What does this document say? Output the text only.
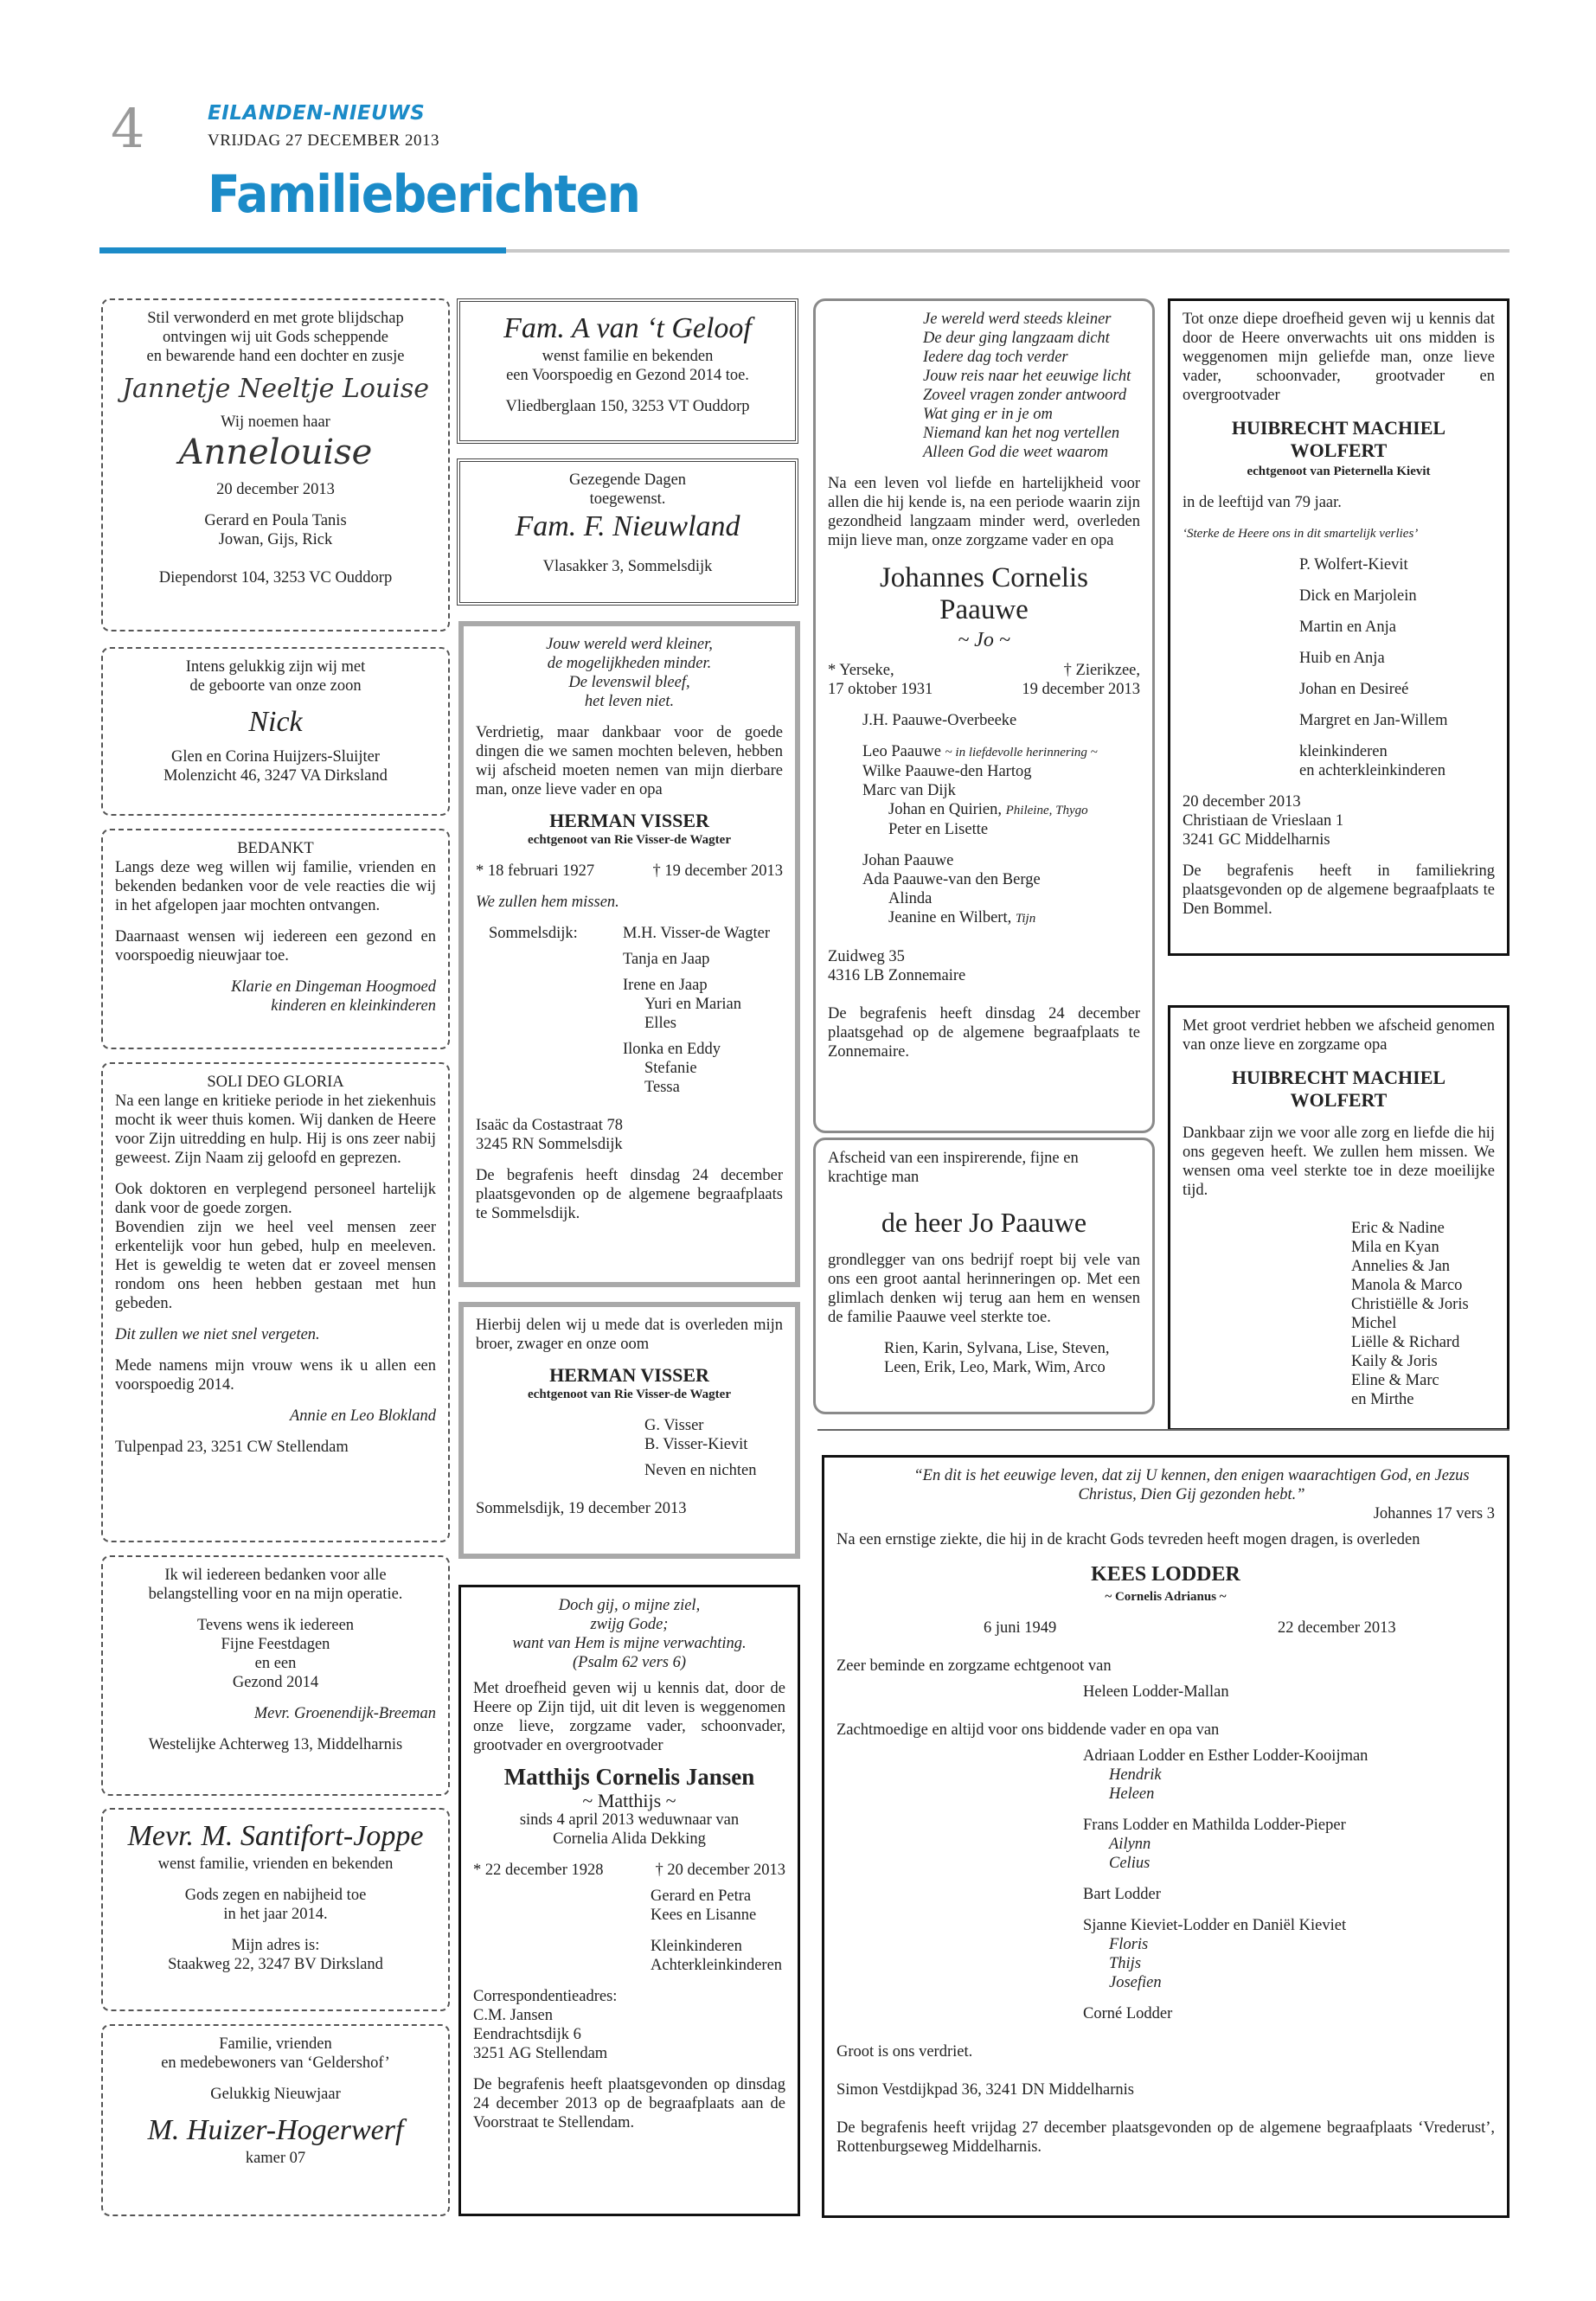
4	EILANDEN-NIEUWS
VRIJDAG 27 DECEMBER 2013
Familieberichten
Stil verwonderd en met grote blijdschap
ontvingen wij uit Gods scheppende
en bewarende hand een dochter en zusje
Jannetje Neeltje Louise
Wij noemen haar
Annelouise
20 december 2013
Gerard en Poula Tanis
Jowan, Gijs, Rick
Diependorst 104, 3253 VC Ouddorp
Intens gelukkig zijn wij met
de geboorte van onze zoon
Nick
Glen en Corina Huijzers-Sluijter
Molenzicht 46, 3247 VA Dirksland
BEDANKT
Langs deze weg willen wij familie, vrienden en bekenden bedanken voor de vele reacties die wij in het afgelopen jaar mochten ontvangen.
Daarnaast wensen wij iedereen een gezond en voorspoedig nieuwjaar toe.
Klarie en Dingeman Hoogmoed
kinderen en kleinkinderen
SOLI DEO GLORIA
Na een lange en kritieke periode in het ziekenhuis mocht ik weer thuis komen. Wij danken de Heere voor Zijn uitredding en hulp. Hij is ons zeer nabij geweest. Zijn Naam zij geloofd en geprezen.
Ook doktoren en verplegend personeel hartelijk dank voor de goede zorgen.
Bovendien zijn we heel veel mensen zeer erkentelijk voor hun gebed, hulp en meeleven. Het is geweldig te weten dat er zoveel mensen rondom ons heen hebben gestaan met hun gebeden.
Dit zullen we niet snel vergeten.
Mede namens mijn vrouw wens ik u allen een voorspoedig 2014.
Annie en Leo Blokland
Tulpenpad 23, 3251 CW Stellendam
Ik wil iedereen bedanken voor alle
belangstelling voor en na mijn operatie.
Tevens wens ik iedereen
Fijne Feestdagen
en een
Gezond 2014
Mevr. Groenendijk-Breeman
Westelijke Achterweg 13, Middelharnis
Mevr. M. Santifort-Joppe
wenst familie, vrienden en bekenden
Gods zegen en nabijheid toe
in het jaar 2014.
Mijn adres is:
Staakweg 22, 3247 BV Dirksland
Familie, vrienden
en medebewoners van ‘Geldershof’
Gelukkig Nieuwjaar
M. Huizer-Hogerwerf
kamer 07
Fam. A van ‘t Geloof
wenst familie en bekenden
een Voorspoedig en Gezond 2014 toe.
Vliedberglaan 150, 3253 VT Ouddorp
Gezegende Dagen
toegewenst.
Fam. F. Nieuwland
Vlasakker 3, Sommelsdijk
Jouw wereld werd kleiner,
de mogelijkheden minder.
De levenswil bleef,
het leven niet.
Verdrietig, maar dankbaar voor de goede dingen die we samen mochten beleven, hebben wij afscheid moeten nemen van mijn dierbare man, onze lieve vader en opa
HERMAN VISSER
echtgenoot van Rie Visser-de Wagter
* 18 februari 1927	† 19 december 2013
We zullen hem missen.
Sommelsdijk:	M.H. Visser-de Wagter
Tanja en Jaap
Irene en Jaap
Yuri en Marian
Elles
Ilonka en Eddy
Stefanie
Tessa
Isaäc da Costastraat 78
3245 RN Sommelsdijk
De begrafenis heeft dinsdag 24 december plaatsgevonden op de algemene begraafplaats te Sommelsdijk.
Hierbij delen wij u mede dat is overleden mijn broer, zwager en onze oom
HERMAN VISSER
echtgenoot van Rie Visser-de Wagter
G. Visser
B. Visser-Kievit
Neven en nichten
Sommelsdijk, 19 december 2013
Doch gij, o mijne ziel,
zwijg Gode;
want van Hem is mijne verwachting.
(Psalm 62 vers 6)
Met droefheid geven wij u kennis dat, door de Heere op Zijn tijd, uit dit leven is weggenomen onze lieve, zorgzame vader, schoonvader, grootvader en overgrootvader
Matthijs Cornelis Jansen
~ Matthijs ~
sinds 4 april 2013 weduwnaar van
Cornelia Alida Dekking
* 22 december 1928	† 20 december 2013
Gerard en Petra
Kees en Lisanne
Kleinkinderen
Achterkleinkinderen
Correspondentieadres:
C.M. Jansen
Eendrachtsdijk 6
3251 AG Stellendam
De begrafenis heeft plaatsgevonden op dinsdag 24 december 2013 op de begraafplaats aan de Voorstraat te Stellendam.
Je wereld werd steeds kleiner
De deur ging langzaam dicht
Iedere dag toch verder
Jouw reis naar het eeuwige licht
Zoveel vragen zonder antwoord
Wat ging er in je om
Niemand kan het nog vertellen
Alleen God die weet waarom
Na een leven vol liefde en hartelijkheid voor allen die hij kende is, na een periode waarin zijn gezondheid langzaam minder werd, overleden mijn lieve man, onze zorgzame vader en opa
Johannes Cornelis
Paauwe
~ Jo ~
* Yerseke,	† Zierikzee,
17 oktober 1931	19 december 2013
J.H. Paauwe-Overbeeke
Leo Paauwe ~ in liefdevolle herinnering ~
Wilke Paauwe-den Hartog
Marc van Dijk
Johan en Quirien, Phileine, Thygo
Peter en Lisette
Johan Paauwe
Ada Paauwe-van den Berge
Alinda
Jeanine en Wilbert, Tijn
Zuidweg 35
4316 LB Zonnemaire
De begrafenis heeft dinsdag 24 december plaatsgehad op de algemene begraafplaats te Zonnemaire.
Afscheid van een inspirerende, fijne en krachtige man
de heer Jo Paauwe
grondlegger van ons bedrijf roept bij vele van ons een groot aantal herinneringen op. Met een glimlach denken wij terug aan hem en wensen de familie Paauwe veel sterkte toe.
Rien, Karin, Sylvana, Lise, Steven,
Leen, Erik, Leo, Mark, Wim, Arco
Tot onze diepe droefheid geven wij u kennis dat door de Heere onverwachts uit ons midden is weggenomen mijn geliefde man, onze lieve vader, schoonvader, grootvader en overgrootvader
HUIBRECHT MACHIEL
WOLFERT
echtgenoot van Pieternella Kievit
in de leeftijd van 79 jaar.
‘Sterke de Heere ons in dit smartelijk verlies’
P. Wolfert-Kievit
Dick en Marjolein
Martin en Anja
Huib en Anja
Johan en Desireé
Margret en Jan-Willem
kleinkinderen
en achterkleinkinderen
20 december 2013
Christiaan de Vrieslaan 1
3241 GC Middelharnis
De begrafenis heeft in familiekring plaatsgevonden op de algemene begraafplaats te Den Bommel.
Met groot verdriet hebben we afscheid genomen van onze lieve en zorgzame opa
HUIBRECHT MACHIEL
WOLFERT
Dankbaar zijn we voor alle zorg en liefde die hij ons gegeven heeft. We zullen hem missen. We wensen oma veel sterkte toe in deze moeilijke tijd.
Eric & Nadine
Mila en Kyan
Annelies & Jan
Manola & Marco
Christiëlle & Joris
Michel
Liëlle & Richard
Kaily & Joris
Eline & Marc
en Mirthe
“En dit is het eeuwige leven, dat zij U kennen, den enigen waarachtigen God, en Jezus Christus, Dien Gij gezonden hebt.”
Johannes 17 vers 3
Na een ernstige ziekte, die hij in de kracht Gods tevreden heeft mogen dragen, is overleden
KEES LODDER
~ Cornelis Adrianus ~
6 juni 1949	22 december 2013
Zeer beminde en zorgzame echtgenoot van
Heleen Lodder-Mallan
Zachtmoedige en altijd voor ons biddende vader en opa van
Adriaan Lodder en Esther Lodder-Kooijman
Hendrik
Heleen
Frans Lodder en Mathilda Lodder-Pieper
Ailynn
Celius
Bart Lodder
Sjanne Kieviet-Lodder en Daniël Kieviet
Floris
Thijs
Josefien
Corné Lodder
Groot is ons verdriet.
Simon Vestdijkpad 36, 3241 DN Middelharnis
De begrafenis heeft vrijdag 27 december plaatsgevonden op de algemene begraafplaats ‘Vrederust’, Rottenburgseweg Middelharnis.
